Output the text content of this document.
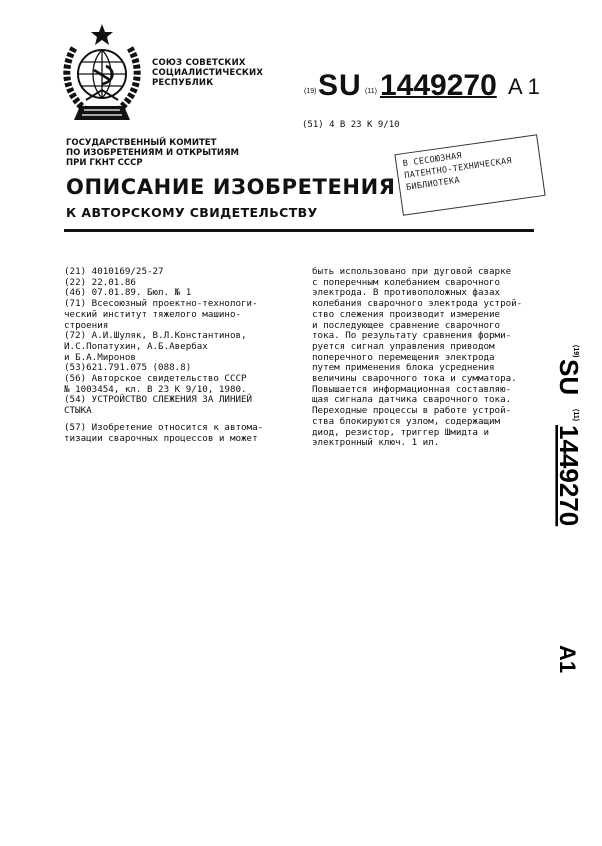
СОЮЗ СОВЕТСКИХ
СОЦИАЛИСТИЧЕСКИХ
РЕСПУБЛИК
(19) SU (11) 1449270 A 1
(51) 4 В 23 К 9/10
ГОСУДАРСТВЕННЫЙ КОМИТЕТ
ПО ИЗОБРЕТЕНИЯМ И ОТКРЫТИЯМ
ПРИ ГКНТ СССР	В СЕСОЮЗНАЯ
ПАТЕНТНО-ТЕХНИЧЕСКАЯ
БИБЛИОТЕКА
ОПИСАНИЕ ИЗОБРЕТЕНИЯ
К АВТОРСКОМУ СВИДЕТЕЛЬСТВУ
(21) 4010169/25-27
(22) 22.01.86
(46) 07.01.89. Бюл. № 1
(71) Всесоюзный проектно-технологи-
ческий институт тяжелого машино-
строения
(72) А.И.Шуляк, В.Л.Константинов,
И.С.Попатухин, А.Б.Авербах
и Б.А.Миронов
(53)621.791.075 (088.8)
(56) Авторское свидетельство СССР
№ 1003454, кл. В 23 К 9/10, 1980.
(54) УСТРОЙСТВО СЛЕЖЕНИЯ ЗА ЛИНИЕЙ
СТЫКА
(57) Изобретение относится к автома-
тизации сварочных процессов и может
быть использовано при дуговой сварке
с поперечным колебанием сварочного
электрода. В противоположных фазах
колебания сварочного электрода устрой-
ство слежения производит измерение
и последующее сравнение сварочного
тока. По результату сравнения форми-
руется сигнал управления приводом
поперечного перемещения электрода
путем применения блока усреднения
величины сварочного тока и сумматора.
Повышается информационная составляю-
щая сигнала датчика сварочного тока.
Переходные процессы в работе устрой-
ства блокируются узлом, содержащим
диод, резистор, триггер Шмидта и
электронный ключ. 1 ил.
(19)
SU
(11)
1449270
A1
